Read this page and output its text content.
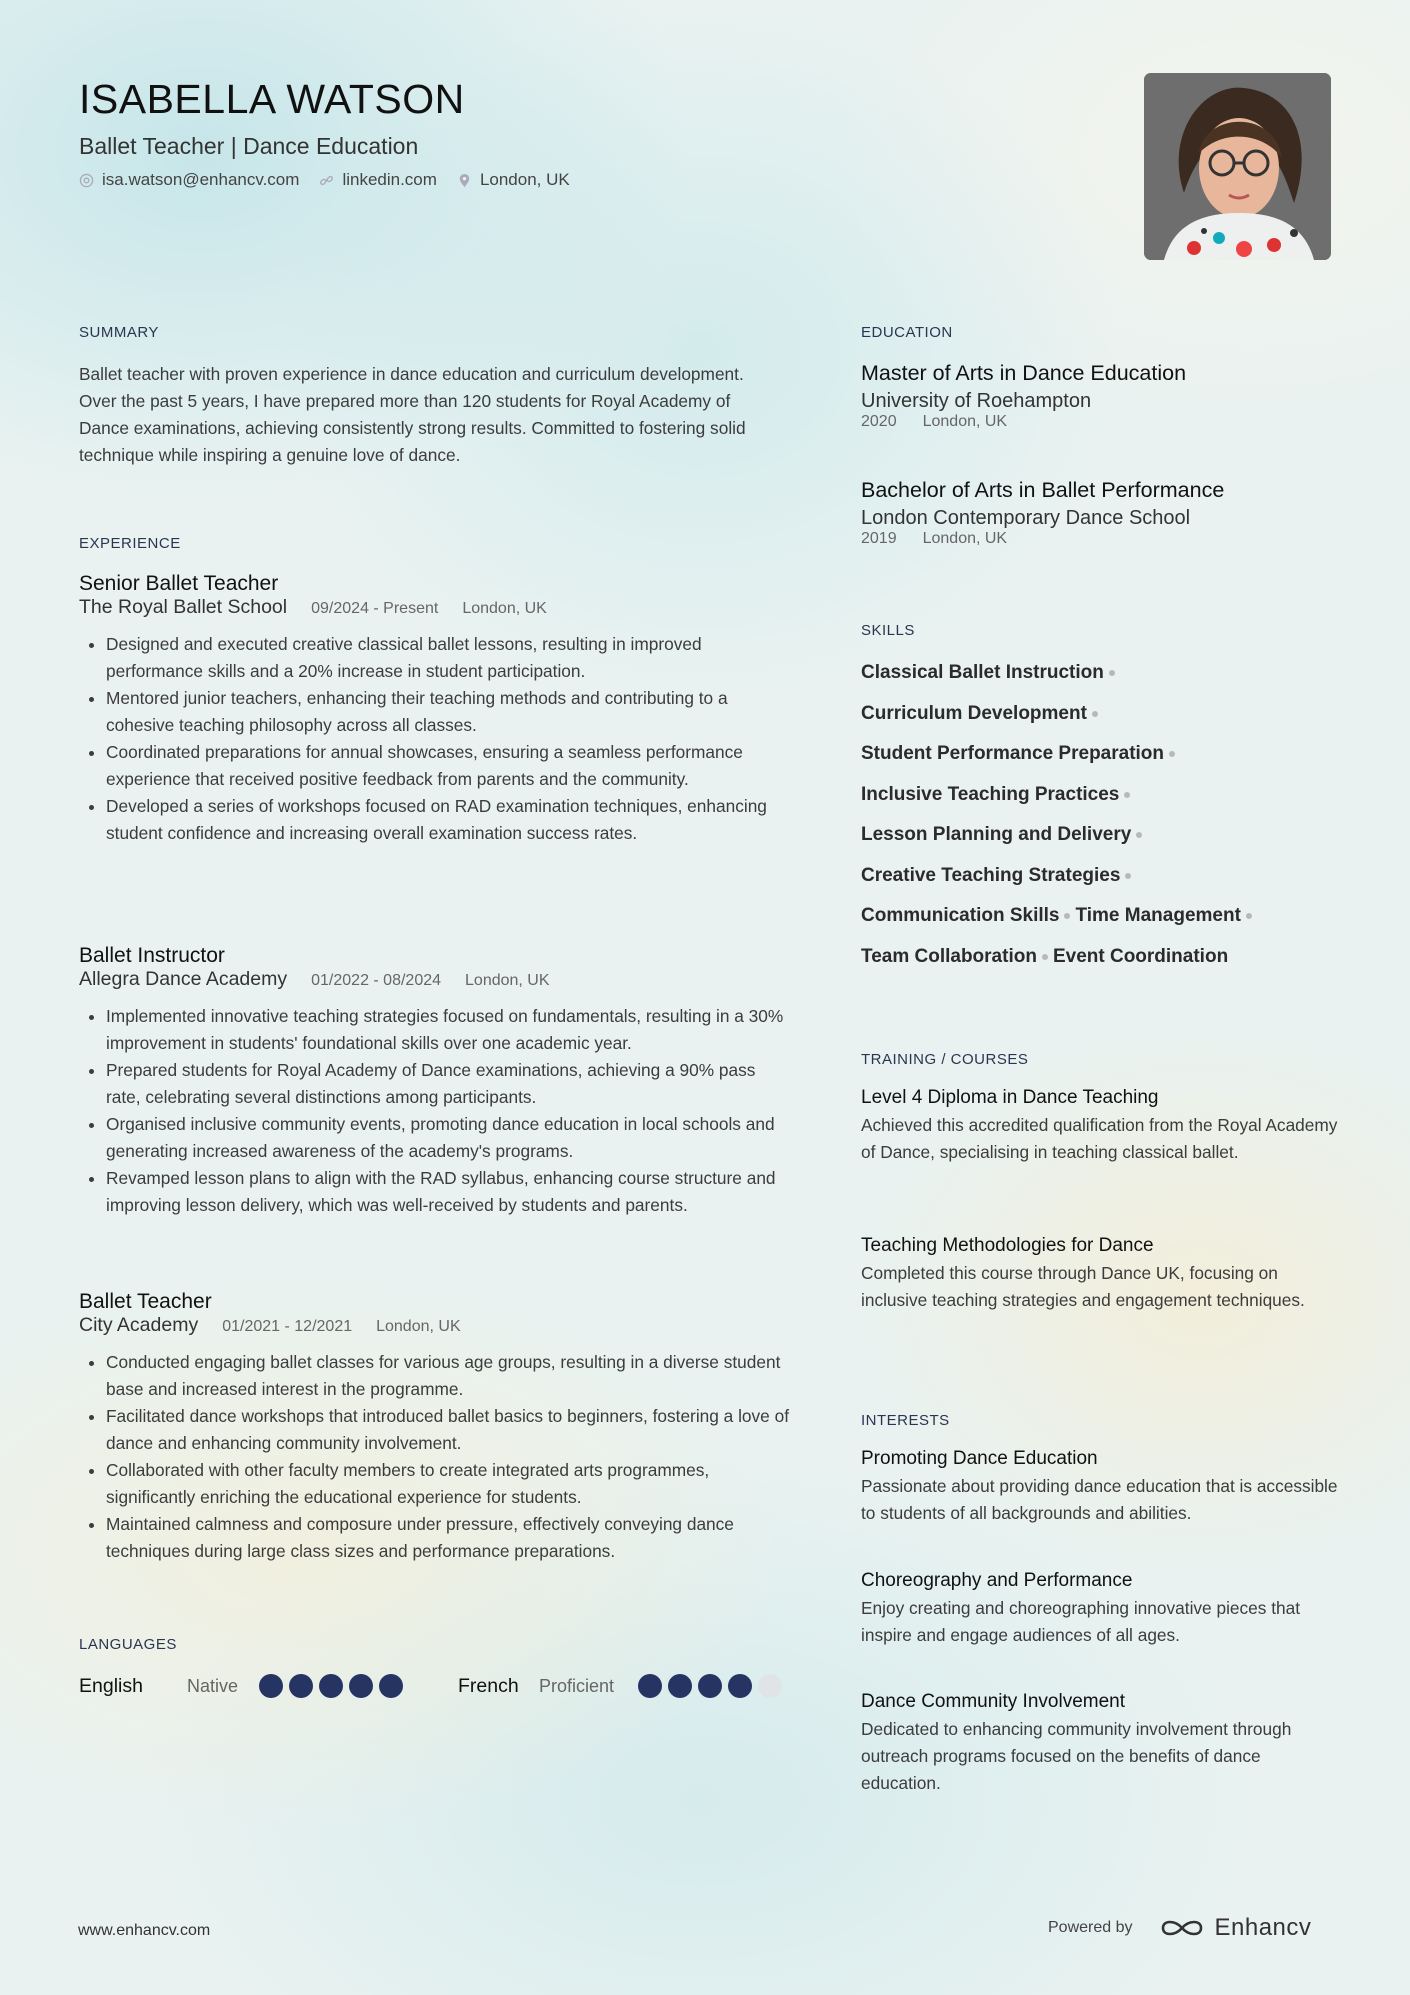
ISABELLA WATSON
Ballet Teacher | Dance Education
isa.watson@enhancv.com	linkedin.com	London, UK
SUMMARY
Ballet teacher with proven experience in dance education and curriculum development. Over the past 5 years, I have prepared more than 120 students for Royal Academy of Dance examinations, achieving consistently strong results. Committed to fostering solid technique while inspiring a genuine love of dance.
EXPERIENCE
Senior Ballet Teacher
The Royal Ballet School 09/2024 - Present London, UK
• Designed and executed creative classical ballet lessons, resulting in improved performance skills and a 20% increase in student participation.
• Mentored junior teachers, enhancing their teaching methods and contributing to a cohesive teaching philosophy across all classes.
• Coordinated preparations for annual showcases, ensuring a seamless performance experience that received positive feedback from parents and the community.
• Developed a series of workshops focused on RAD examination techniques, enhancing student confidence and increasing overall examination success rates.
Ballet Instructor
Allegra Dance Academy 01/2022 - 08/2024 London, UK
• Implemented innovative teaching strategies focused on fundamentals, resulting in a 30% improvement in students' foundational skills over one academic year.
• Prepared students for Royal Academy of Dance examinations, achieving a 90% pass rate, celebrating several distinctions among participants.
• Organised inclusive community events, promoting dance education in local schools and generating increased awareness of the academy's programs.
• Revamped lesson plans to align with the RAD syllabus, enhancing course structure and improving lesson delivery, which was well-received by students and parents.
Ballet Teacher
City Academy 01/2021 - 12/2021 London, UK
• Conducted engaging ballet classes for various age groups, resulting in a diverse student base and increased interest in the programme.
• Facilitated dance workshops that introduced ballet basics to beginners, fostering a love of dance and enhancing community involvement.
• Collaborated with other faculty members to create integrated arts programmes, significantly enriching the educational experience for students.
• Maintained calmness and composure under pressure, effectively conveying dance techniques during large class sizes and performance preparations.
LANGUAGES
English	Native	French	Proficient
EDUCATION
Master of Arts in Dance Education
University of Roehampton
2020 London, UK
Bachelor of Arts in Ballet Performance
London Contemporary Dance School
2019 London, UK
SKILLS
Classical Ballet Instruction
Curriculum Development
Student Performance Preparation
Inclusive Teaching Practices
Lesson Planning and Delivery
Creative Teaching Strategies
Communication Skills Time Management
Team Collaboration Event Coordination
TRAINING / COURSES
Level 4 Diploma in Dance Teaching
Achieved this accredited qualification from the Royal Academy of Dance, specialising in teaching classical ballet.
Teaching Methodologies for Dance
Completed this course through Dance UK, focusing on inclusive teaching strategies and engagement techniques.
INTERESTS
Promoting Dance Education
Passionate about providing dance education that is accessible to students of all backgrounds and abilities.
Choreography and Performance
Enjoy creating and choreographing innovative pieces that inspire and engage audiences of all ages.
Dance Community Involvement
Dedicated to enhancing community involvement through outreach programs focused on the benefits of dance education.
www.enhancv.com	Powered by	Enhancv
